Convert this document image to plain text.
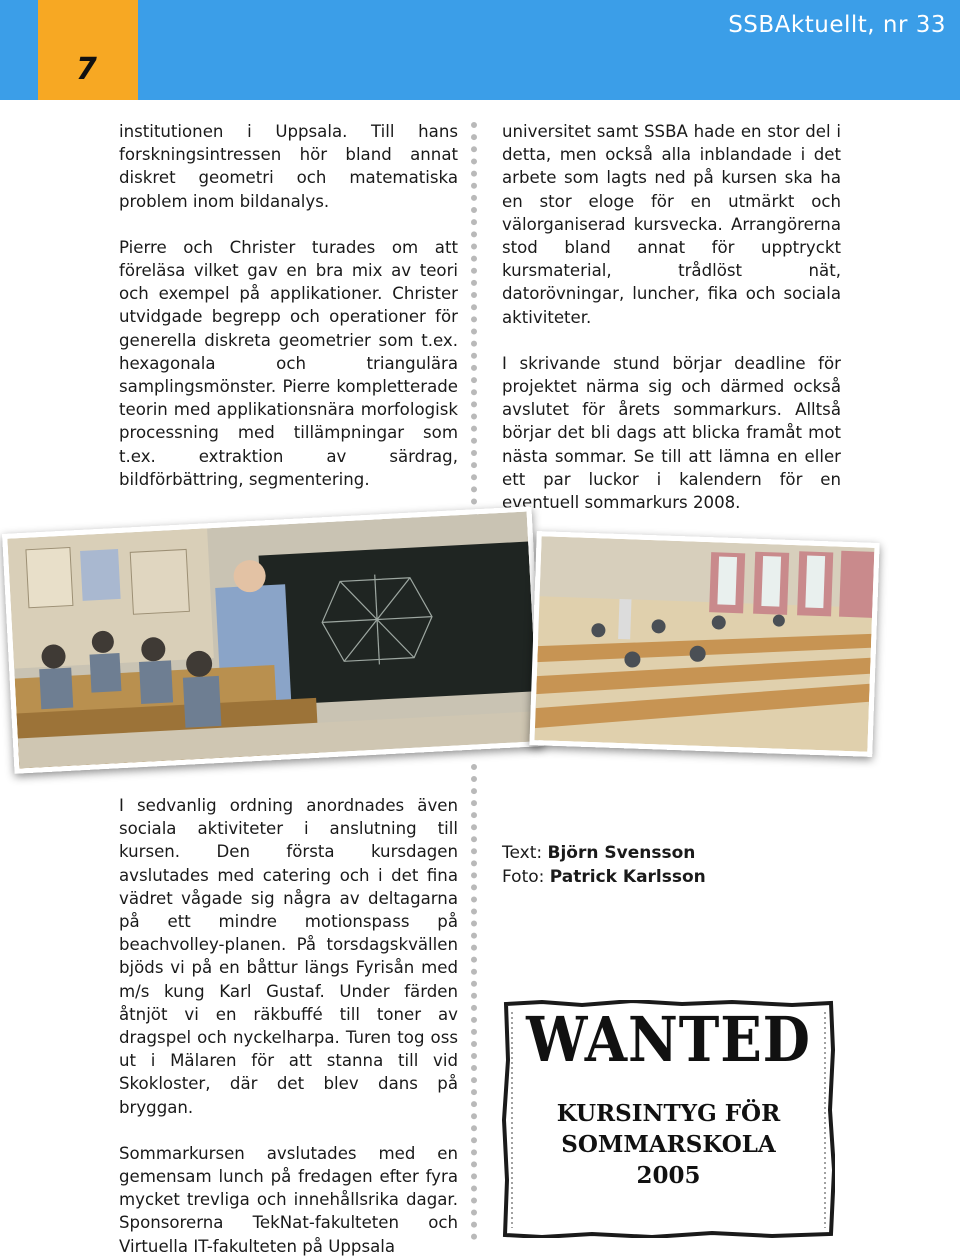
7
SSBAktuellt, nr 33

institutionen i Uppsala. Till hans forskningsintressen hör bland annat diskret geometri och matematiska problem inom bildanalys.

Pierre och Christer turades om att föreläsa vilket gav en bra mix av teori och exempel på applikationer. Christer utvidgade begrepp och operationer för generella diskreta geometrier som t.ex. hexagonala och triangulära samplingsmönster. Pierre kompletterade teorin med applikationsnära morfologisk processning med tillämpningar som t.ex. extraktion av särdrag, bildförbättring, segmentering.

universitet samt SSBA hade en stor del i detta, men också alla inblandade i det arbete som lagts ned på kursen ska ha en stor eloge för en utmärkt och välorganiserad kursvecka. Arrangörerna stod bland annat för upptryckt kursmaterial, trådlöst nät, datorövningar, luncher, fika och sociala aktiviteter.

I skrivande stund börjar deadline för projektet närma sig och därmed också avslutet för årets sommarkurs. Alltså börjar det bli dags att blicka framåt mot nästa sommar. Se till att lämna en eller ett par luckor i kalendern för en eventuell sommarkurs 2008.

I sedvanlig ordning anordnades även sociala aktiviteter i anslutning till kursen. Den första kursdagen avslutades med catering och i det fina vädret vågade sig några av deltagarna på ett mindre motionspass på beachvolley-planen. På torsdagskvällen bjöds vi på en båttur längs Fyrisån med m/s kung Karl Gustaf. Under färden åtnjöt vi en räkbuffé till toner av dragspel och nyckelharpa. Turen tog oss ut i Mälaren för att stanna till vid Skokloster, där det blev dans på bryggan.

Sommarkursen avslutades med en gemensam lunch på fredagen efter fyra mycket trevliga och innehållsrika dagar. Sponsorerna TekNat-fakulteten och Virtuella IT-fakulteten på Uppsala

Text: Björn Svensson
Foto: Patrick Karlsson
WANTED
KURSINTYG FÖR
SOMMARSKOLA
2005
